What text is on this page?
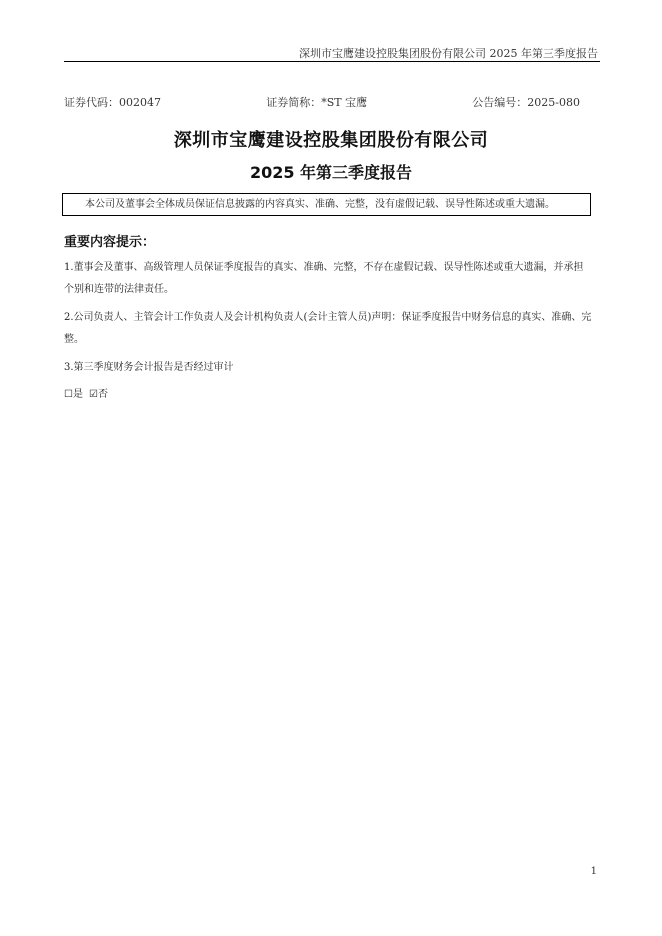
深圳市宝鹰建设控股集团股份有限公司 2025 年第三季度报告
证券代码：002047	证券简称：*ST 宝鹰	公告编号：2025-080
深圳市宝鹰建设控股集团股份有限公司
2025 年第三季度报告
本公司及董事会全体成员保证信息披露的内容真实、准确、完整，没有虚假记载、误导性陈述或重大遗漏。
重要内容提示：
1.董事会及董事、高级管理人员保证季度报告的真实、准确、完整，不存在虚假记载、误导性陈述或重大遗漏，并承担个别和连带的法律责任。
2.公司负责人、主管会计工作负责人及会计机构负责人(会计主管人员)声明：保证季度报告中财务信息的真实、准确、完整。
3.第三季度财务会计报告是否经过审计
☐是 ☑否
1
